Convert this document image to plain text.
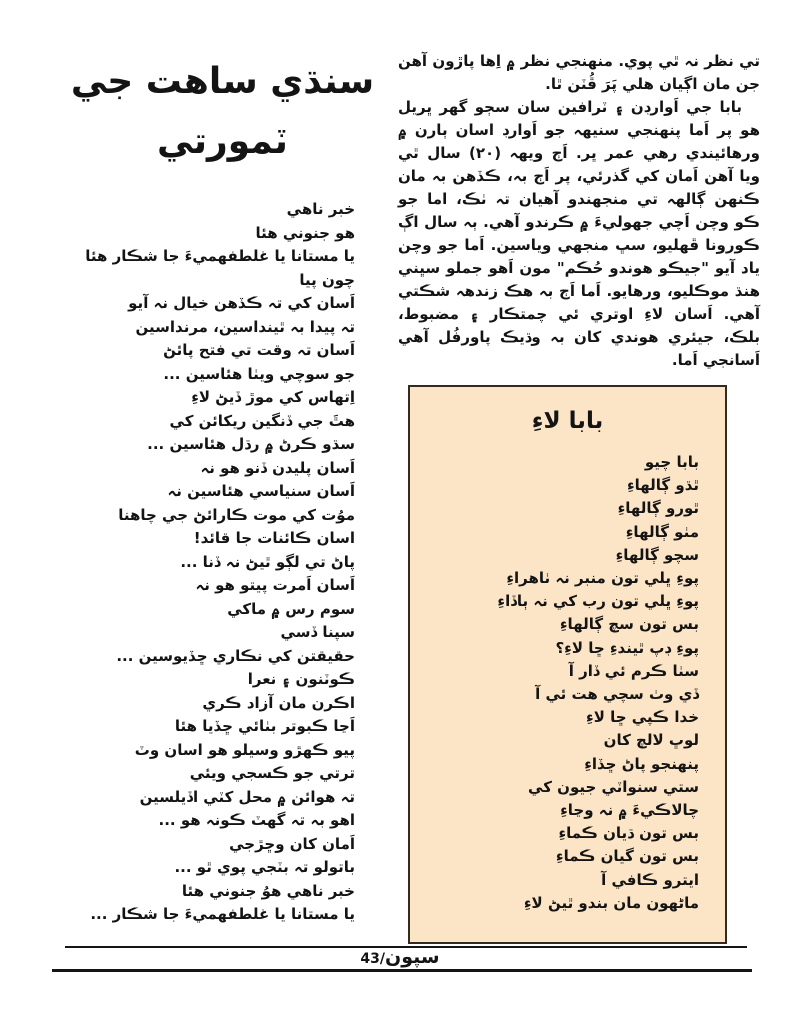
سنڌي ساھت جي
ٽمورتي
خبر ناهي
هو جنوني هئا
يا مستانا يا غلطفهميءَ جا شڪار هئا
چون پيا
اَسان کي تہ ڪڏهن خيال نہ آيو
تہ پيدا بہ ٿينداسين، مرنداسين
اَسان تہ وقت تي فتح پائڻ
جو سوچي ويٺا هئاسين ...
اِتهاس کي موڙ ڏيڻ لاءِ
هٿَ جي ڏنگين ريکائن کي
سڌو ڪرڻ ۾ رڌل هئاسين ...
اَسان پليدن ڏنو هو نہ
اَسان سنياسي هئاسين نہ
موُت کي موت ڪارائڻ جي چاهنا
اسان ڪائنات جا قائد!
پاڻ تي لڳو ٿيڻ نہ ڏنا ...
اَسان اَمرت پيتو هو نہ
سوم رس ۾ ماکي
سپنا ڏسي
حقيقتن کي نڪاري ڇڏيوسين ...
ڪوٽنون ۽ نعرا
اڪرن مان آزاد ڪري
اَڃا ڪبوتر بٺائي ڇڏيا هئا
پيو ڪهڙو وسيلو هو اسان وٽ
ترتي جو ڪسجي ويئي
تہ هوائن ۾ محل کٽي اڏيلسين
اهو بہ تہ گهٽ ڪونہ هو ...
اَمان کان وڇڙجي
باتولو تہ بٽجي پوي ٿو ...
خبر ناهي هوُ جنوني هئا
يا مستانا يا غلطفهميءَ جا شڪار ...

تي نظر نہ ٿي پوي. منهنجي نظر ۾ اِها پاڙون آهن جن مان اڳيان هلي پَرَ ڦُٽن ٿا.

بابا جي اَوارڊن ۽ ٽرافين سان سڄو گهر ڀريل هو پر اَما پنهنجي سنيهہ جو اَوارڊ اسان ٻارن ۾ ورهائيندي رهي عمر ڀر. اَڄ ويهہ (۲۰) سال ٿي ويا آهن اَمان کي گذرئي، پر اَڄ بہ، ڪڏهن بہ مان ڪنهن ڳالهہ تي منجهندو آهيان تہ ٺڪ، اما جو ڪو وچن اَچي جهوليءَ ۾ ڪرندو آهي. ٻہ سال اڳ ڪورونا ڦهليو، سڀ منجهي وياسين. اَما جو وچن ياد آيو "جيڪو هوندو حُڪم" مون اَهو جملو سڀني هنڌ موڪليو، ورهايو. اَما اَڄ بہ هڪ زندهہ شڪتي آهي. اَسان لاءِ اوتري ئي چمتڪار ۽ مضبوط، بلڪ، جيئري هوندي کان بہ وڌيڪ پاورفُل آهي اَسانجي اَما.

بابا لاءِ
بابا چيو
ٿڌو ڳالهاءِ
ٿورو ڳالهاءِ
مٺو ڳالهاءِ
سچو ڳالهاءِ
پوءِ ڀلي تون منبر نہ ٺاهراءِ
پوءِ ڀلي تون رب کي نہ ٻاڏاءِ
بس تون سچ ڳالهاءِ
پوءِ ڊپ ٿيندءِ ڇا لاءِ؟
سٺا ڪرم ئي ڏار آ
ڏي وٺ سچي هت ئي آ
خدا ڪپي ڇا لاءِ
لوڀ لالچ کان
پنهنجو پاڻ ڇڏاءِ
ستي سنواٽي جيون کي
چالاڪيءَ ۾ نہ وڃاءِ
بس تون ڌيان ڪماءِ
بس تون گيان ڪماءِ
ايترو ڪافي آ
ماڻهون مان بندو ٿيڻ لاءِ
سپون/43
